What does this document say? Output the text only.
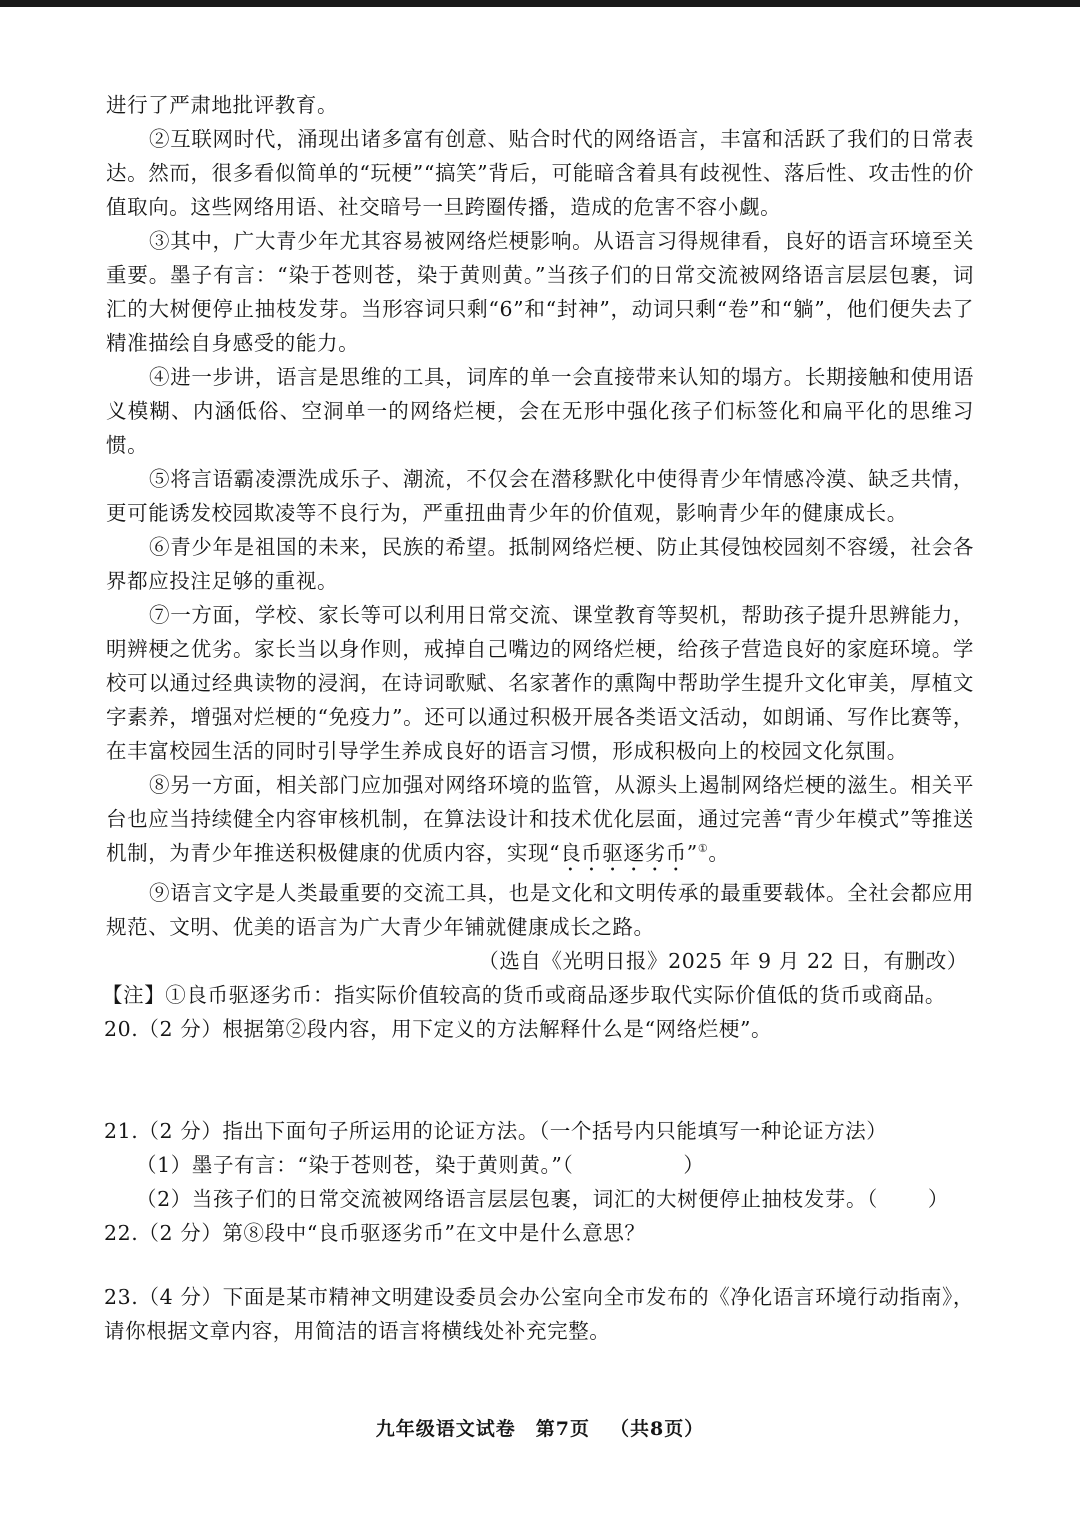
进行了严肃地批评教育。

②互联网时代，涌现出诸多富有创意、贴合时代的网络语言，丰富和活跃了我们的日常表达。然而，很多看似简单的“玩梗”“搞笑”背后，可能暗含着具有歧视性、落后性、攻击性的价值取向。这些网络用语、社交暗号一旦跨圈传播，造成的危害不容小觑。

③其中，广大青少年尤其容易被网络烂梗影响。从语言习得规律看，良好的语言环境至关重要。墨子有言：“染于苍则苍，染于黄则黄。”当孩子们的日常交流被网络语言层层包裹，词汇的大树便停止抽枝发芽。当形容词只剩“6”和“封神”，动词只剩“卷”和“躺”，他们便失去了精准描绘自身感受的能力。

④进一步讲，语言是思维的工具，词库的单一会直接带来认知的塌方。长期接触和使用语义模糊、内涵低俗、空洞单一的网络烂梗，会在无形中强化孩子们标签化和扁平化的思维习惯。

⑤将言语霸凌漂洗成乐子、潮流，不仅会在潜移默化中使得青少年情感冷漠、缺乏共情，更可能诱发校园欺凌等不良行为，严重扭曲青少年的价值观，影响青少年的健康成长。

⑥青少年是祖国的未来，民族的希望。抵制网络烂梗、防止其侵蚀校园刻不容缓，社会各界都应投注足够的重视。

⑦一方面，学校、家长等可以利用日常交流、课堂教育等契机，帮助孩子提升思辨能力，明辨梗之优劣。家长当以身作则，戒掉自己嘴边的网络烂梗，给孩子营造良好的家庭环境。学校可以通过经典读物的浸润，在诗词歌赋、名家著作的熏陶中帮助学生提升文化审美，厚植文字素养，增强对烂梗的“免疫力”。还可以通过积极开展各类语文活动，如朗诵、写作比赛等，在丰富校园生活的同时引导学生养成良好的语言习惯，形成积极向上的校园文化氛围。

⑧另一方面，相关部门应加强对网络环境的监管，从源头上遏制网络烂梗的滋生。相关平台也应当持续健全内容审核机制，在算法设计和技术优化层面，通过完善“青少年模式”等推送机制，为青少年推送积极健康的优质内容，实现“良币驱逐劣币”①。

⑨语言文字是人类最重要的交流工具，也是文化和文明传承的最重要载体。全社会都应用规范、文明、优美的语言为广大青少年铺就健康成长之路。

（选自《光明日报》2025 年 9 月 22 日，有删改）

【注】①良币驱逐劣币：指实际价值较高的货币或商品逐步取代实际价值低的货币或商品。

20.（2 分）根据第②段内容，用下定义的方法解释什么是“网络烂梗”。

21.（2 分）指出下面句子所运用的论证方法。（一个括号内只能填写一种论证方法）

（1）墨子有言：“染于苍则苍，染于黄则黄。”（	）

（2）当孩子们的日常交流被网络语言层层包裹，词汇的大树便停止抽枝发芽。（ ）

22.（2 分）第⑧段中“良币驱逐劣币”在文中是什么意思？

23.（4 分）下面是某市精神文明建设委员会办公室向全市发布的《净化语言环境行动指南》，请你根据文章内容，用简洁的语言将横线处补充完整。

九年级语文试卷 第7页 （共8页）
